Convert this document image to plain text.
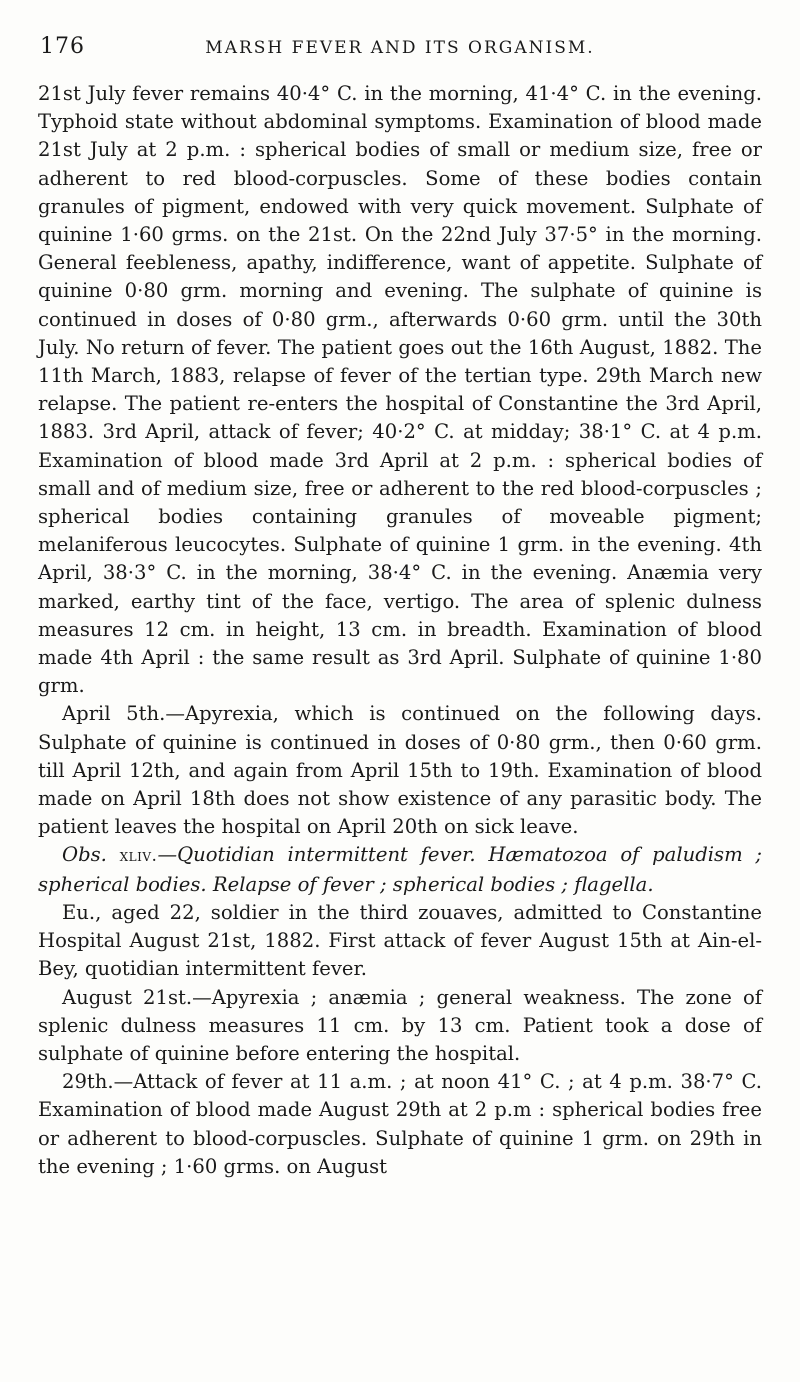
176	MARSH FEVER AND ITS ORGANISM.

21st July fever remains 40·4° C. in the morning, 41·4° C. in the evening. Typhoid state without abdominal symptoms. Examination of blood made 21st July at 2 p.m. : spherical bodies of small or medium size, free or adherent to red blood-corpuscles. Some of these bodies contain granules of pigment, endowed with very quick movement. Sulphate of quinine 1·60 grms. on the 21st. On the 22nd July 37·5° in the morning. General feebleness, apathy, indifference, want of appetite. Sulphate of quinine 0·80 grm. morning and evening. The sulphate of quinine is continued in doses of 0·80 grm., afterwards 0·60 grm. until the 30th July. No return of fever. The patient goes out the 16th August, 1882. The 11th March, 1883, relapse of fever of the tertian type. 29th March new relapse. The patient re-enters the hospital of Constantine the 3rd April, 1883. 3rd April, attack of fever; 40·2° C. at midday; 38·1° C. at 4 p.m. Examination of blood made 3rd April at 2 p.m. : spherical bodies of small and of medium size, free or adherent to the red blood-corpuscles ; spherical bodies containing granules of moveable pigment; melaniferous leucocytes. Sulphate of quinine 1 grm. in the evening. 4th April, 38·3° C. in the morning, 38·4° C. in the evening. Anæmia very marked, earthy tint of the face, vertigo. The area of splenic dulness measures 12 cm. in height, 13 cm. in breadth. Examination of blood made 4th April : the same result as 3rd April. Sulphate of quinine 1·80 grm.

April 5th.—Apyrexia, which is continued on the following days. Sulphate of quinine is continued in doses of 0·80 grm., then 0·60 grm. till April 12th, and again from April 15th to 19th. Examination of blood made on April 18th does not show existence of any parasitic body. The patient leaves the hospital on April 20th on sick leave.

Obs. xliv.—Quotidian intermittent fever. Hæmatozoa of paludism ; spherical bodies. Relapse of fever ; spherical bodies ; flagella.

Eu., aged 22, soldier in the third zouaves, admitted to Constantine Hospital August 21st, 1882. First attack of fever August 15th at Ain-el-Bey, quotidian intermittent fever.

August 21st.—Apyrexia ; anæmia ; general weakness. The zone of splenic dulness measures 11 cm. by 13 cm. Patient took a dose of sulphate of quinine before entering the hospital.

29th.—Attack of fever at 11 a.m. ; at noon 41° C. ; at 4 p.m. 38·7° C. Examination of blood made August 29th at 2 p.m : spherical bodies free or adherent to blood-corpuscles. Sulphate of quinine 1 grm. on 29th in the evening ; 1·60 grms. on August
